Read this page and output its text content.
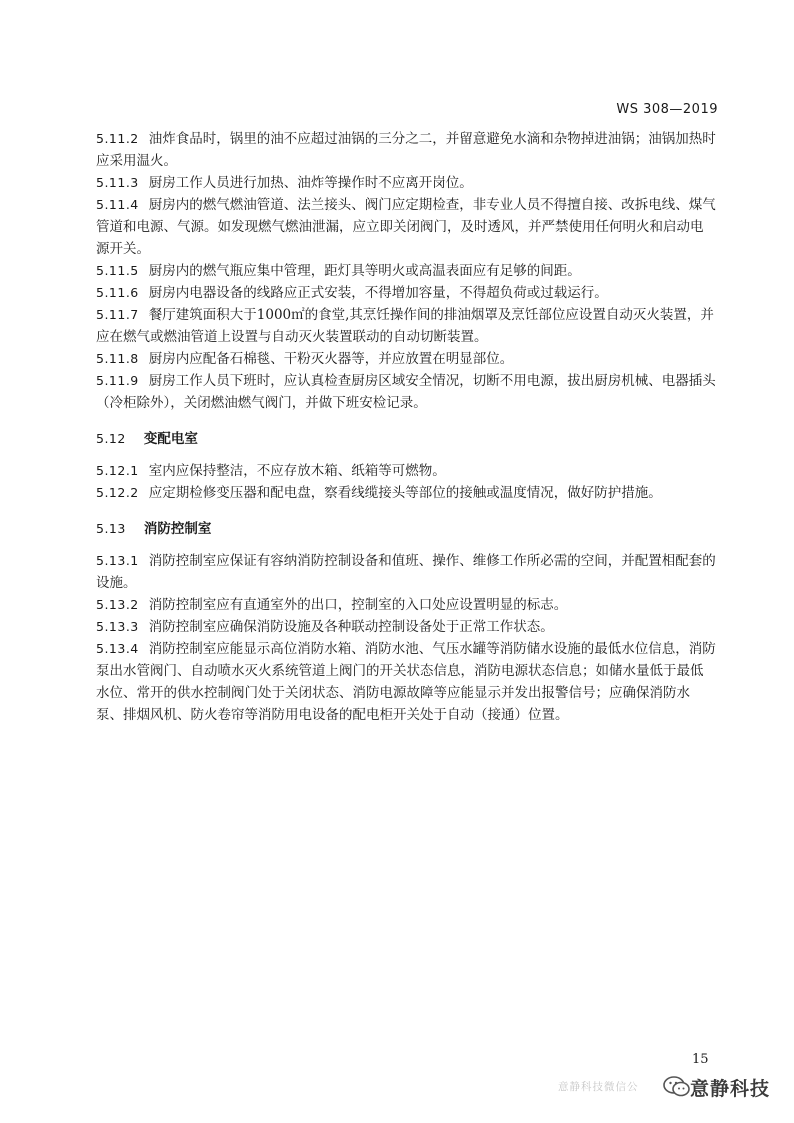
WS 308—2019

5.11.2 油炸食品时，锅里的油不应超过油锅的三分之二，并留意避免水滴和杂物掉进油锅；油锅加热时应采用温火。

5.11.3 厨房工作人员进行加热、油炸等操作时不应离开岗位。

5.11.4 厨房内的燃气燃油管道、法兰接头、阀门应定期检查，非专业人员不得擅自接、改拆电线、煤气管道和电源、气源。如发现燃气燃油泄漏，应立即关闭阀门，及时透风，并严禁使用任何明火和启动电源开关。

5.11.5 厨房内的燃气瓶应集中管理，距灯具等明火或高温表面应有足够的间距。

5.11.6 厨房内电器设备的线路应正式安装，不得增加容量，不得超负荷或过载运行。

5.11.7 餐厅建筑面积大于1000㎡的食堂,其烹饪操作间的排油烟罩及烹饪部位应设置自动灭火装置，并应在燃气或燃油管道上设置与自动灭火装置联动的自动切断装置。

5.11.8 厨房内应配备石棉毯、干粉灭火器等，并应放置在明显部位。

5.11.9 厨房工作人员下班时，应认真检查厨房区域安全情况，切断不用电源，拔出厨房机械、电器插头（冷柜除外），关闭燃油燃气阀门，并做下班安检记录。

5.12 变配电室

5.12.1 室内应保持整洁，不应存放木箱、纸箱等可燃物。

5.12.2 应定期检修变压器和配电盘，察看线缆接头等部位的接触或温度情况，做好防护措施。

5.13 消防控制室

5.13.1 消防控制室应保证有容纳消防控制设备和值班、操作、维修工作所必需的空间，并配置相配套的设施。

5.13.2 消防控制室应有直通室外的出口，控制室的入口处应设置明显的标志。

5.13.3 消防控制室应确保消防设施及各种联动控制设备处于正常工作状态。

5.13.4 消防控制室应能显示高位消防水箱、消防水池、气压水罐等消防储水设施的最低水位信息，消防泵出水管阀门、自动喷水灭火系统管道上阀门的开关状态信息，消防电源状态信息；如储水量低于最低水位、常开的供水控制阀门处于关闭状态、消防电源故障等应能显示并发出报警信号；应确保消防水泵、排烟风机、防火卷帘等消防用电设备的配电柜开关处于自动（接通）位置。

15
意静科技微信公	意静科技
